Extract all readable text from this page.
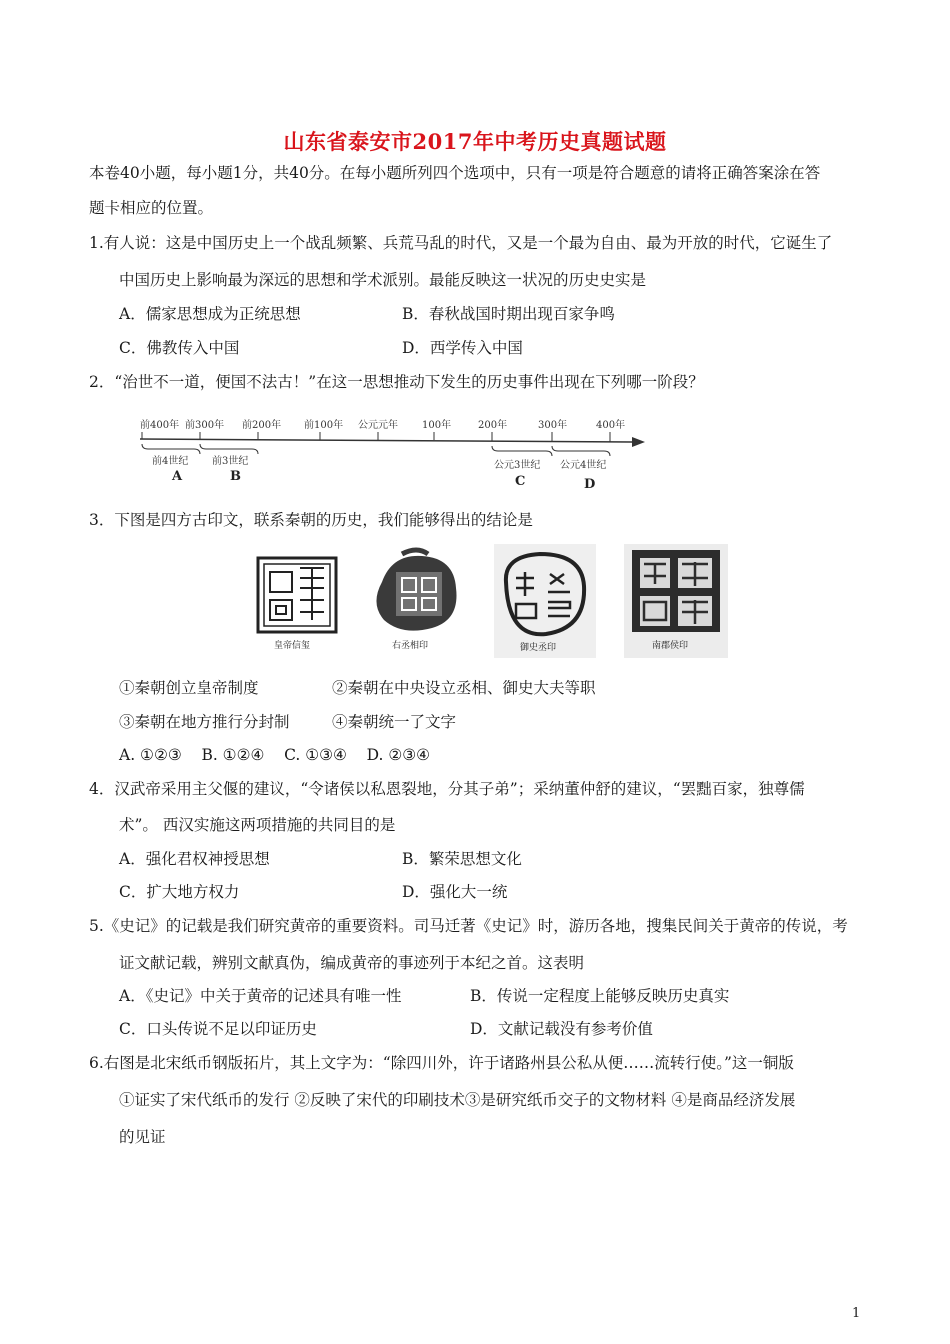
山东省泰安市2017年中考历史真题试题
本卷40小题，每小题1分，共40分。在每小题所列四个选项中，只有一项是符合题意的请将正确答案涂在答
题卡相应的位置。
1.有人说：这是中国历史上一个战乱频繁、兵荒马乱的时代，又是一个最为自由、最为开放的时代，它诞生了
中国历史上影响最为深远的思想和学术派别。最能反映这一状况的历史史实是
A．儒家思想成为正统思想	B．春秋战国时期出现百家争鸣
C．佛教传入中国	D．西学传入中国
2．“治世不一道，便国不法古！”在这一思想推动下发生的历史事件出现在下列哪一阶段？
前400年 前300年 前200年 前100年 公元元年 100年	200年	300年	400年
前4世纪 前3世纪	公元3世纪 公元4世纪
A	B	C	D
3．下图是四方古印文，联系秦朝的历史，我们能够得出的结论是
皇帝信玺	右丞相印	御史丞印	南郡侯印
①秦朝创立皇帝制度	②秦朝在中央设立丞相、御史大夫等职
③秦朝在地方推行分封制	④秦朝统一了文字
A. ①②③    B. ①②④    C. ①③④    D. ②③④
4．汉武帝采用主父偃的建议，“令诸侯以私恩裂地，分其子弟”；采纳董仲舒的建议，“罢黜百家，独尊儒
术”。 西汉实施这两项措施的共同目的是
A．强化君权神授思想	B．繁荣思想文化
C．扩大地方权力	D．强化大一统
5.《史记》的记载是我们研究黄帝的重要资料。司马迁著《史记》时，游历各地，搜集民间关于黄帝的传说，考
证文献记载，辨别文献真伪，编成黄帝的事迹列于本纪之首。这表明
A．《史记》中关于黄帝的记述具有唯一性	B．传说一定程度上能够反映历史真实
C．口头传说不足以印证历史	D．文献记载没有参考价值
6.右图是北宋纸币钢版拓片，其上文字为：“除四川外，许于诸路州县公私从便……流转行使。”这一铜版
①证实了宋代纸币的发行 ②反映了宋代的印刷技术③是研究纸币交子的文物材料 ④是商品经济发展
的见证
1
